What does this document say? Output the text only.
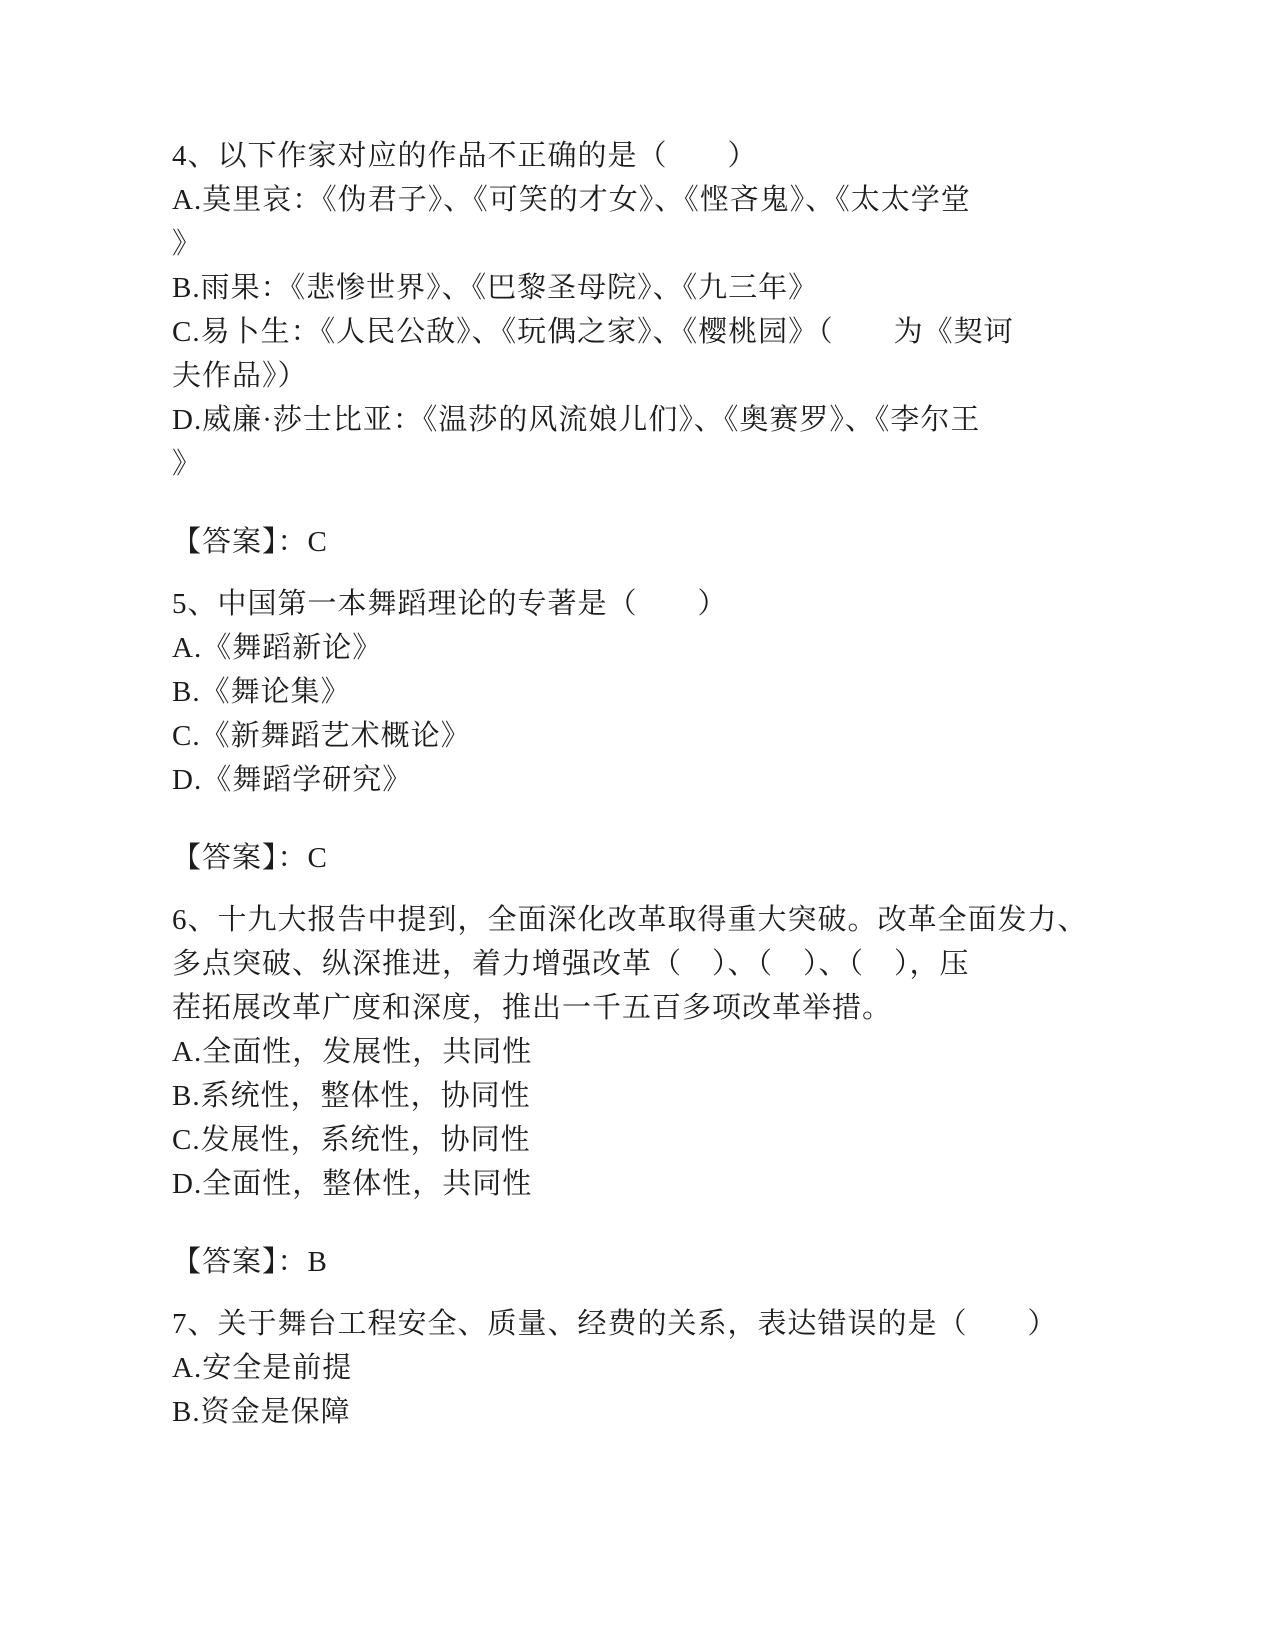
4、以下作家对应的作品不正确的是（　　）

A.莫里哀：《伪君子》、《可笑的才女》、《悭吝鬼》、《太太学堂

》

B.雨果：《悲惨世界》、《巴黎圣母院》、《九三年》

C.易卜生：《人民公敌》、《玩偶之家》、《樱桃园》（　　为《契诃

夫作品》）

D.威廉·莎士比亚：《温莎的风流娘儿们》、《奥赛罗》、《李尔王

》

【答案】：C

5、中国第一本舞蹈理论的专著是（　　）

A.《舞蹈新论》

B.《舞论集》

C.《新舞蹈艺术概论》

D.《舞蹈学研究》

【答案】：C

6、十九大报告中提到，全面深化改革取得重大突破。改革全面发力、

多点突破、纵深推进，着力增强改革（　）、（　）、（　），压

茬拓展改革广度和深度，推出一千五百多项改革举措。

A.全面性，发展性，共同性

B.系统性，整体性，协同性

C.发展性，系统性，协同性

D.全面性，整体性，共同性

【答案】：B

7、关于舞台工程安全、质量、经费的关系，表达错误的是（　　）

A.安全是前提

B.资金是保障
